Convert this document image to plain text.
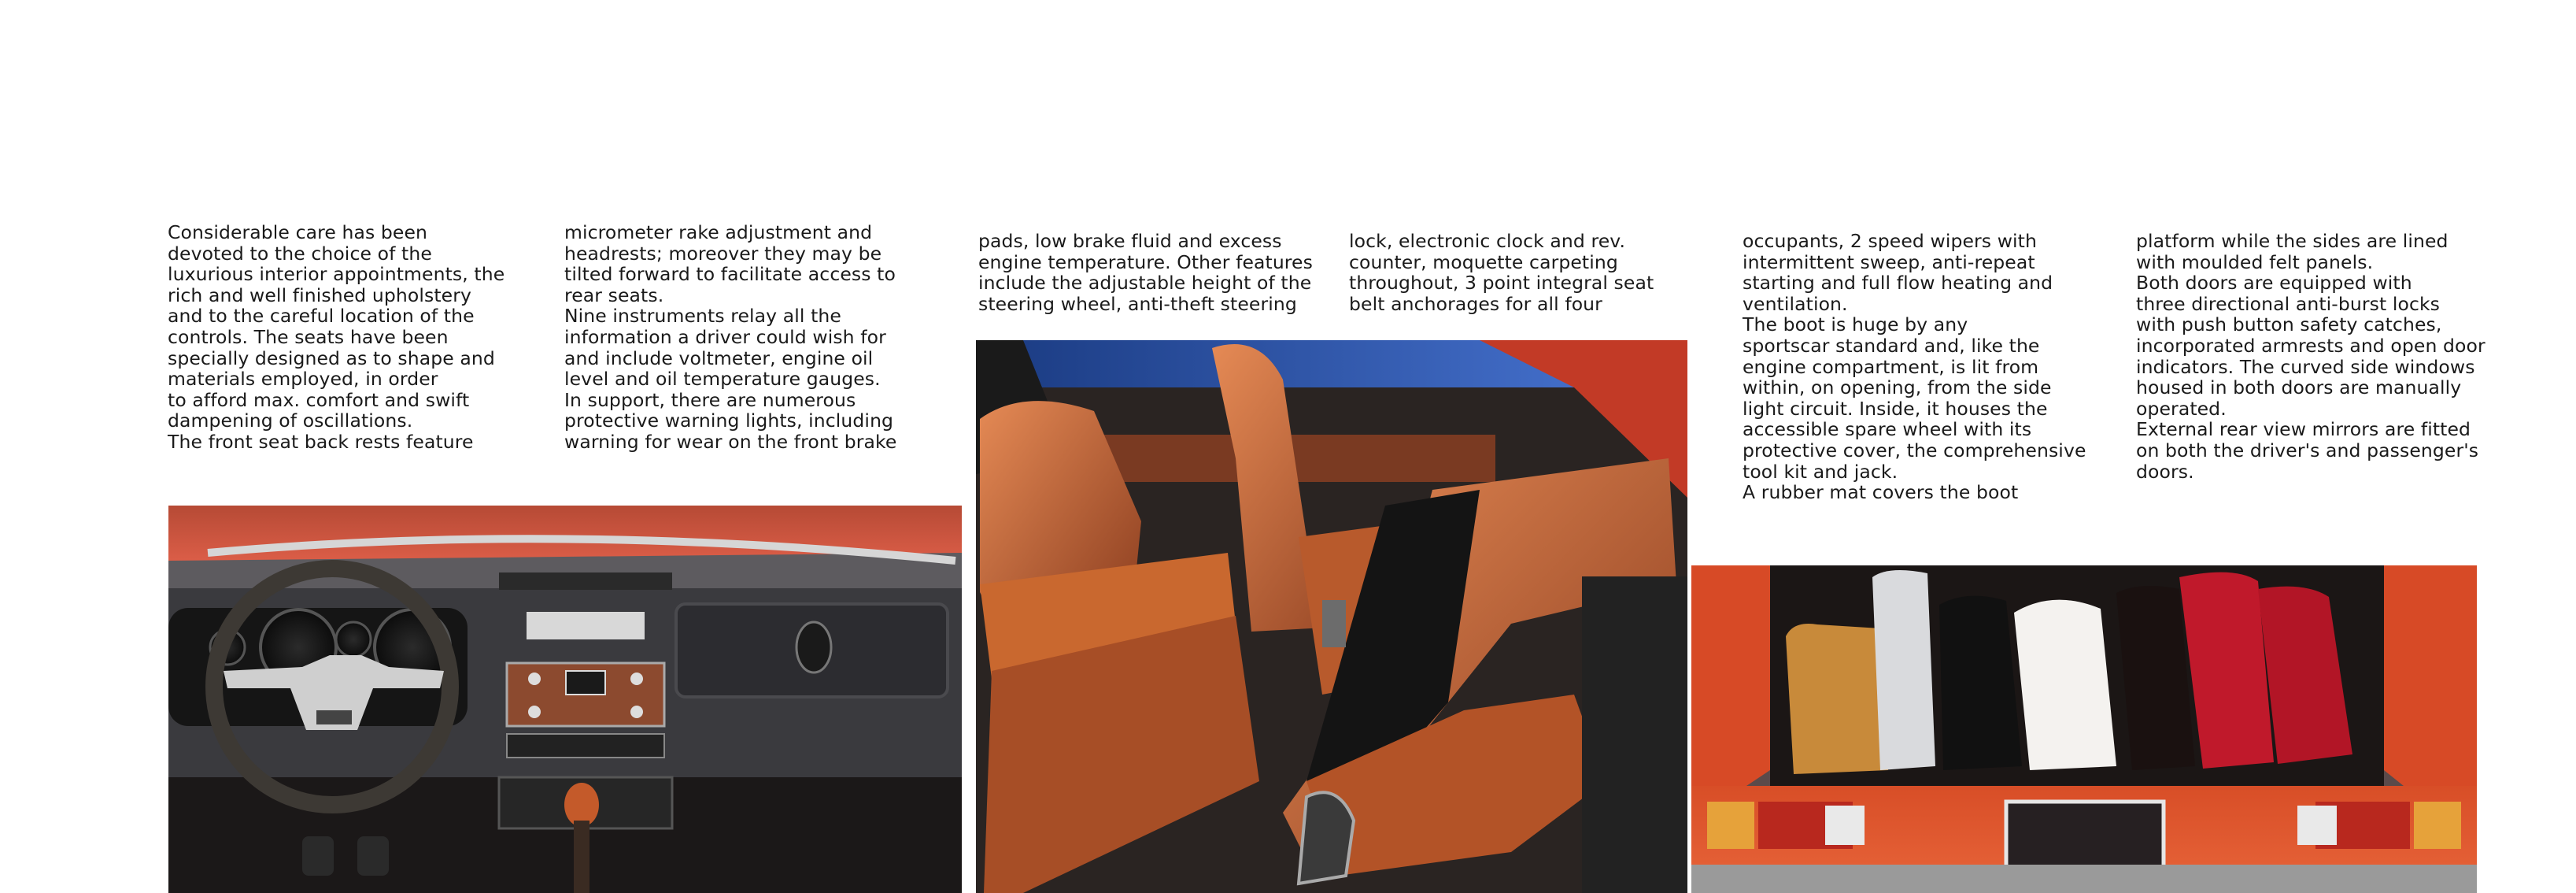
Considerable care has been

devoted to the choice of the

luxurious interior appointments, the

rich and well finished upholstery

and to the careful location of the

controls. The seats have been

specially designed as to shape and

materials employed, in order

to afford max. comfort and swift

dampening of oscillations.

The front seat back rests feature

micrometer rake adjustment and

headrests; moreover they may be

tilted forward to facilitate access to

rear seats.

Nine instruments relay all the

information a driver could wish for

and include voltmeter, engine oil

level and oil temperature gauges.

In support, there are numerous

protective warning lights, including

warning for wear on the front brake

pads, low brake fluid and excess

engine temperature. Other features

include the adjustable height of the

steering wheel, anti-theft steering

lock, electronic clock and rev.

counter, moquette carpeting

throughout, 3 point integral seat

belt anchorages for all four

occupants, 2 speed wipers with

intermittent sweep, anti-repeat

starting and full flow heating and

ventilation.

The boot is huge by any

sportscar standard and, like the

engine compartment, is lit from

within, on opening, from the side

light circuit. Inside, it houses the

accessible spare wheel with its

protective cover, the comprehensive

tool kit and jack.

A rubber mat covers the boot

platform while the sides are lined

with moulded felt panels.

Both doors are equipped with

three directional anti-burst locks

with push button safety catches,

incorporated armrests and open door

indicators. The curved side windows

housed in both doors are manually

operated.

External rear view mirrors are fitted

on both the driver's and passenger's

doors.
